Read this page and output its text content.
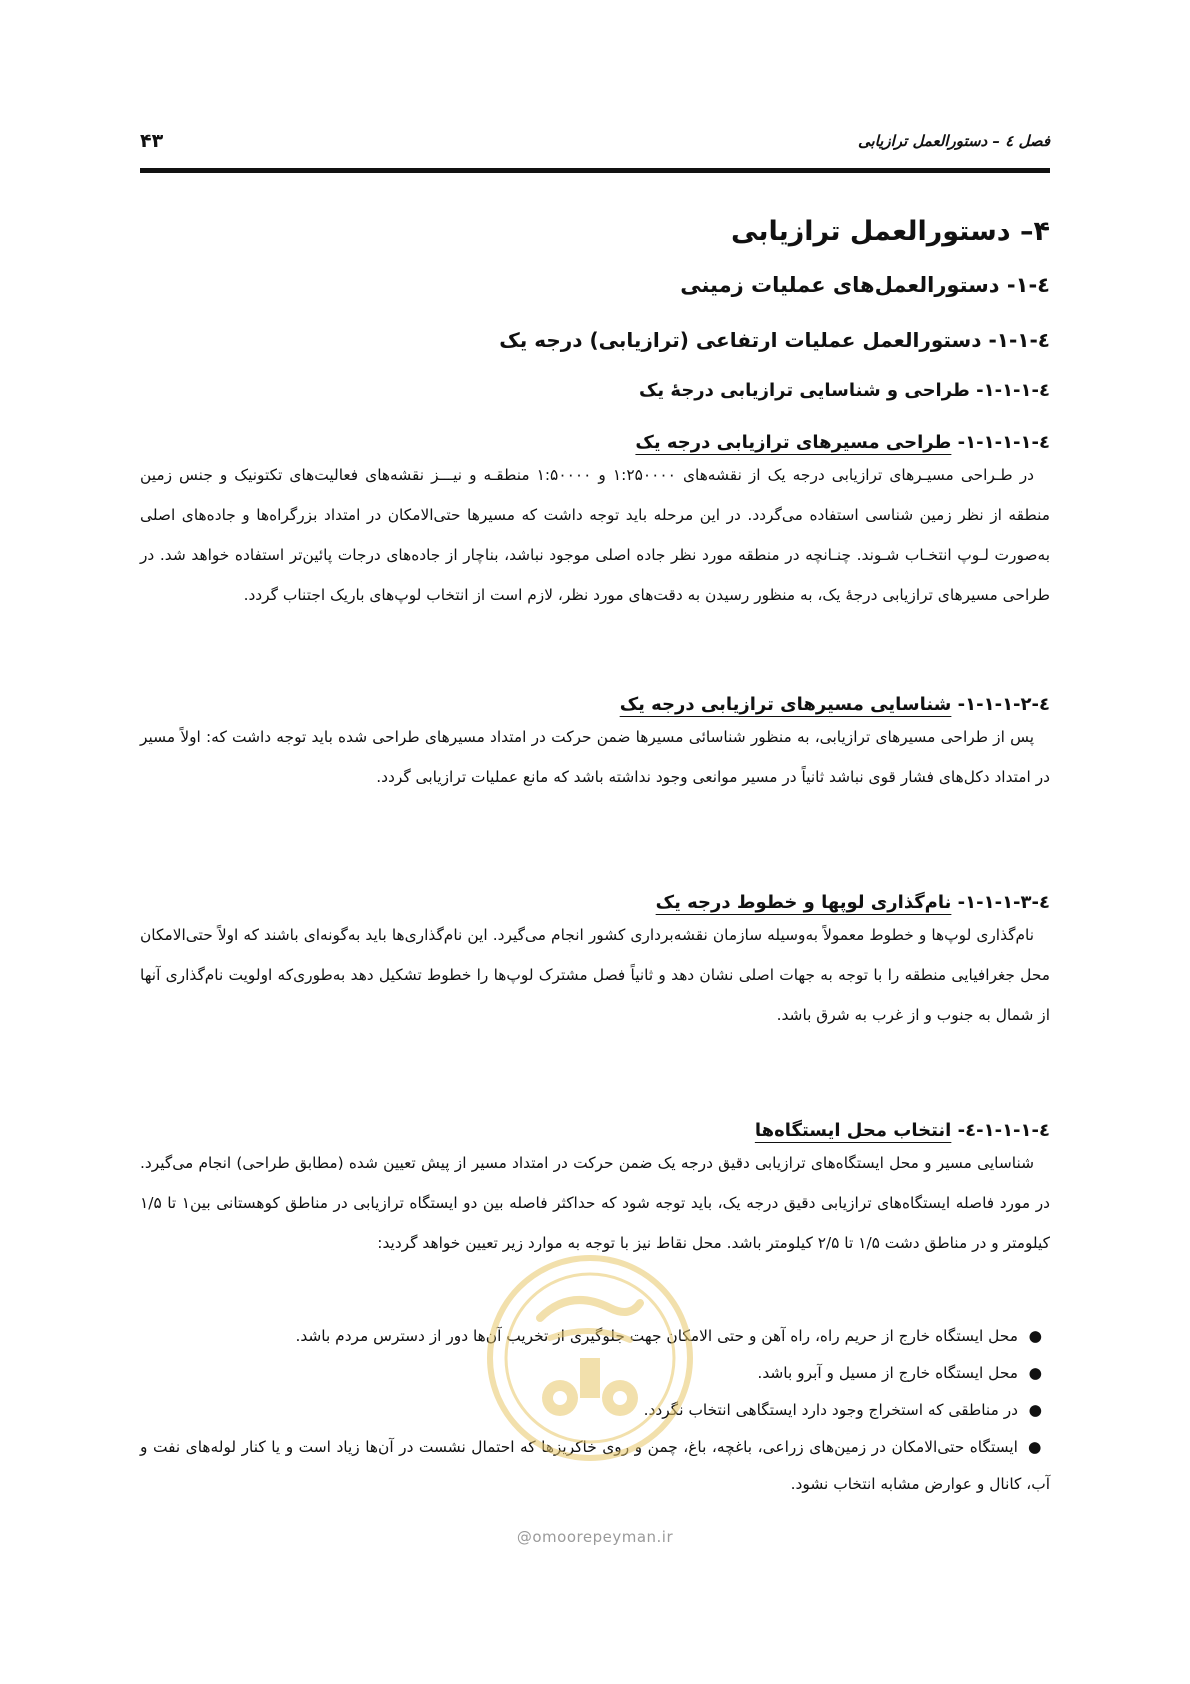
فصل ٤ – دستورالعمل ترازیابی
۴۳
۴– دستورالعمل ترازیابی
٤-۱- دستورالعمل‌های عملیات زمینی
٤-۱-۱- دستورالعمل عملیات ارتفاعی (ترازیابی) درجه یک
٤-۱-۱-۱- طراحی و شناسایی ترازیابی درجهٔ یک
٤-۱-۱-۱-۱- طراحی مسیرهای ترازیابی درجه یک
در طـراحی مسیـرهای ترازیابی درجه یک از نقشه‌های ۱:۲۵۰۰۰۰ و ۱:۵۰۰۰۰ منطقـه و نیـــز نقشه‌های فعالیت‌های تکتونیک و جنس زمین منطقه از نظر زمین شناسی استفاده می‌گردد. در این مرحله باید توجه داشت که مسیرها حتی‌الامکان در امتداد بزرگراه‌ها و جاده‌های اصلی به‌صورت لـوپ انتخـاب شـوند. چنـانچه در منطقه مورد نظر جاده اصلی موجود نباشد، بناچار از جاده‌های درجات پائین‌تر استفاده خواهد شد. در طراحی مسیرهای ترازیابی درجهٔ یک، به منظور رسیدن به دقت‌های مورد نظر، لازم است از انتخاب لوپ‌های باریک اجتناب گردد.
٤-۱-۱-۱-۲- شناسایی مسیرهای ترازیابی درجه یک
پس از طراحی مسیرهای ترازیابی، به منظور شناسائی مسیرها ضمن حرکت در امتداد مسیرهای طراحی شده باید توجه داشت که: اولاً مسیر در امتداد دکل‌های فشار قوی نباشد ثانیاً در مسیر موانعی وجود نداشته باشد که مانع عملیات ترازیابی گردد.
٤-۱-۱-۱-۳- نام‌گذاری لوپها و خطوط درجه یک
نام‌گذاری لوپ‌ها و خطوط معمولاً به‌وسیله سازمان نقشه‌برداری کشور انجام می‌گیرد. این نام‌گذاری‌ها باید به‌گونه‌ای باشند که اولاً حتی‌الامکان محل جغرافیایی منطقه را با توجه به جهات اصلی نشان دهد و ثانیاً فصل مشترک لوپ‌ها را خطوط تشکیل دهد به‌طوری‌که اولویت نام‌گذاری آنها از شمال به جنوب و از غرب به شرق باشد.
٤-۱-۱-۱-٤- انتخاب محل ایستگاه‌ها
شناسایی مسیر و محل ایستگاه‌های ترازیابی دقیق درجه یک ضمن حرکت در امتداد مسیر از پیش تعیین شده (مطابق طراحی) انجام می‌گیرد. در مورد فاصله ایستگاه‌های ترازیابی دقیق درجه یک، باید توجه شود که حداکثر فاصله بین دو ایستگاه ترازیابی در مناطق کوهستانی بین۱ تا ۱/۵ کیلومتر و در مناطق دشت ۱/۵ تا ۲/۵ کیلومتر باشد. محل نقاط نیز با توجه به موارد زیر تعیین خواهد گردید:
●
محل ایستگاه خارج از حریم راه، راه آهن و حتی الامکان جهت جلوگیری از تخریب آن‌ها دور از دسترس مردم باشد.
●
محل ایستگاه خارج از مسیل و آبرو باشد.
●
در مناطقی که استخراج وجود دارد ایستگاهی انتخاب نگردد.
●ایستگاه حتی‌الامکان در زمین‌های زراعی، باغچه، باغ، چمن و روی خاکریزها که احتمال نشست در آن‌ها زیاد است و یا کنار لوله‌های نفت و آب، کانال و عوارض مشابه انتخاب نشود.
@omoorepeyman.ir
